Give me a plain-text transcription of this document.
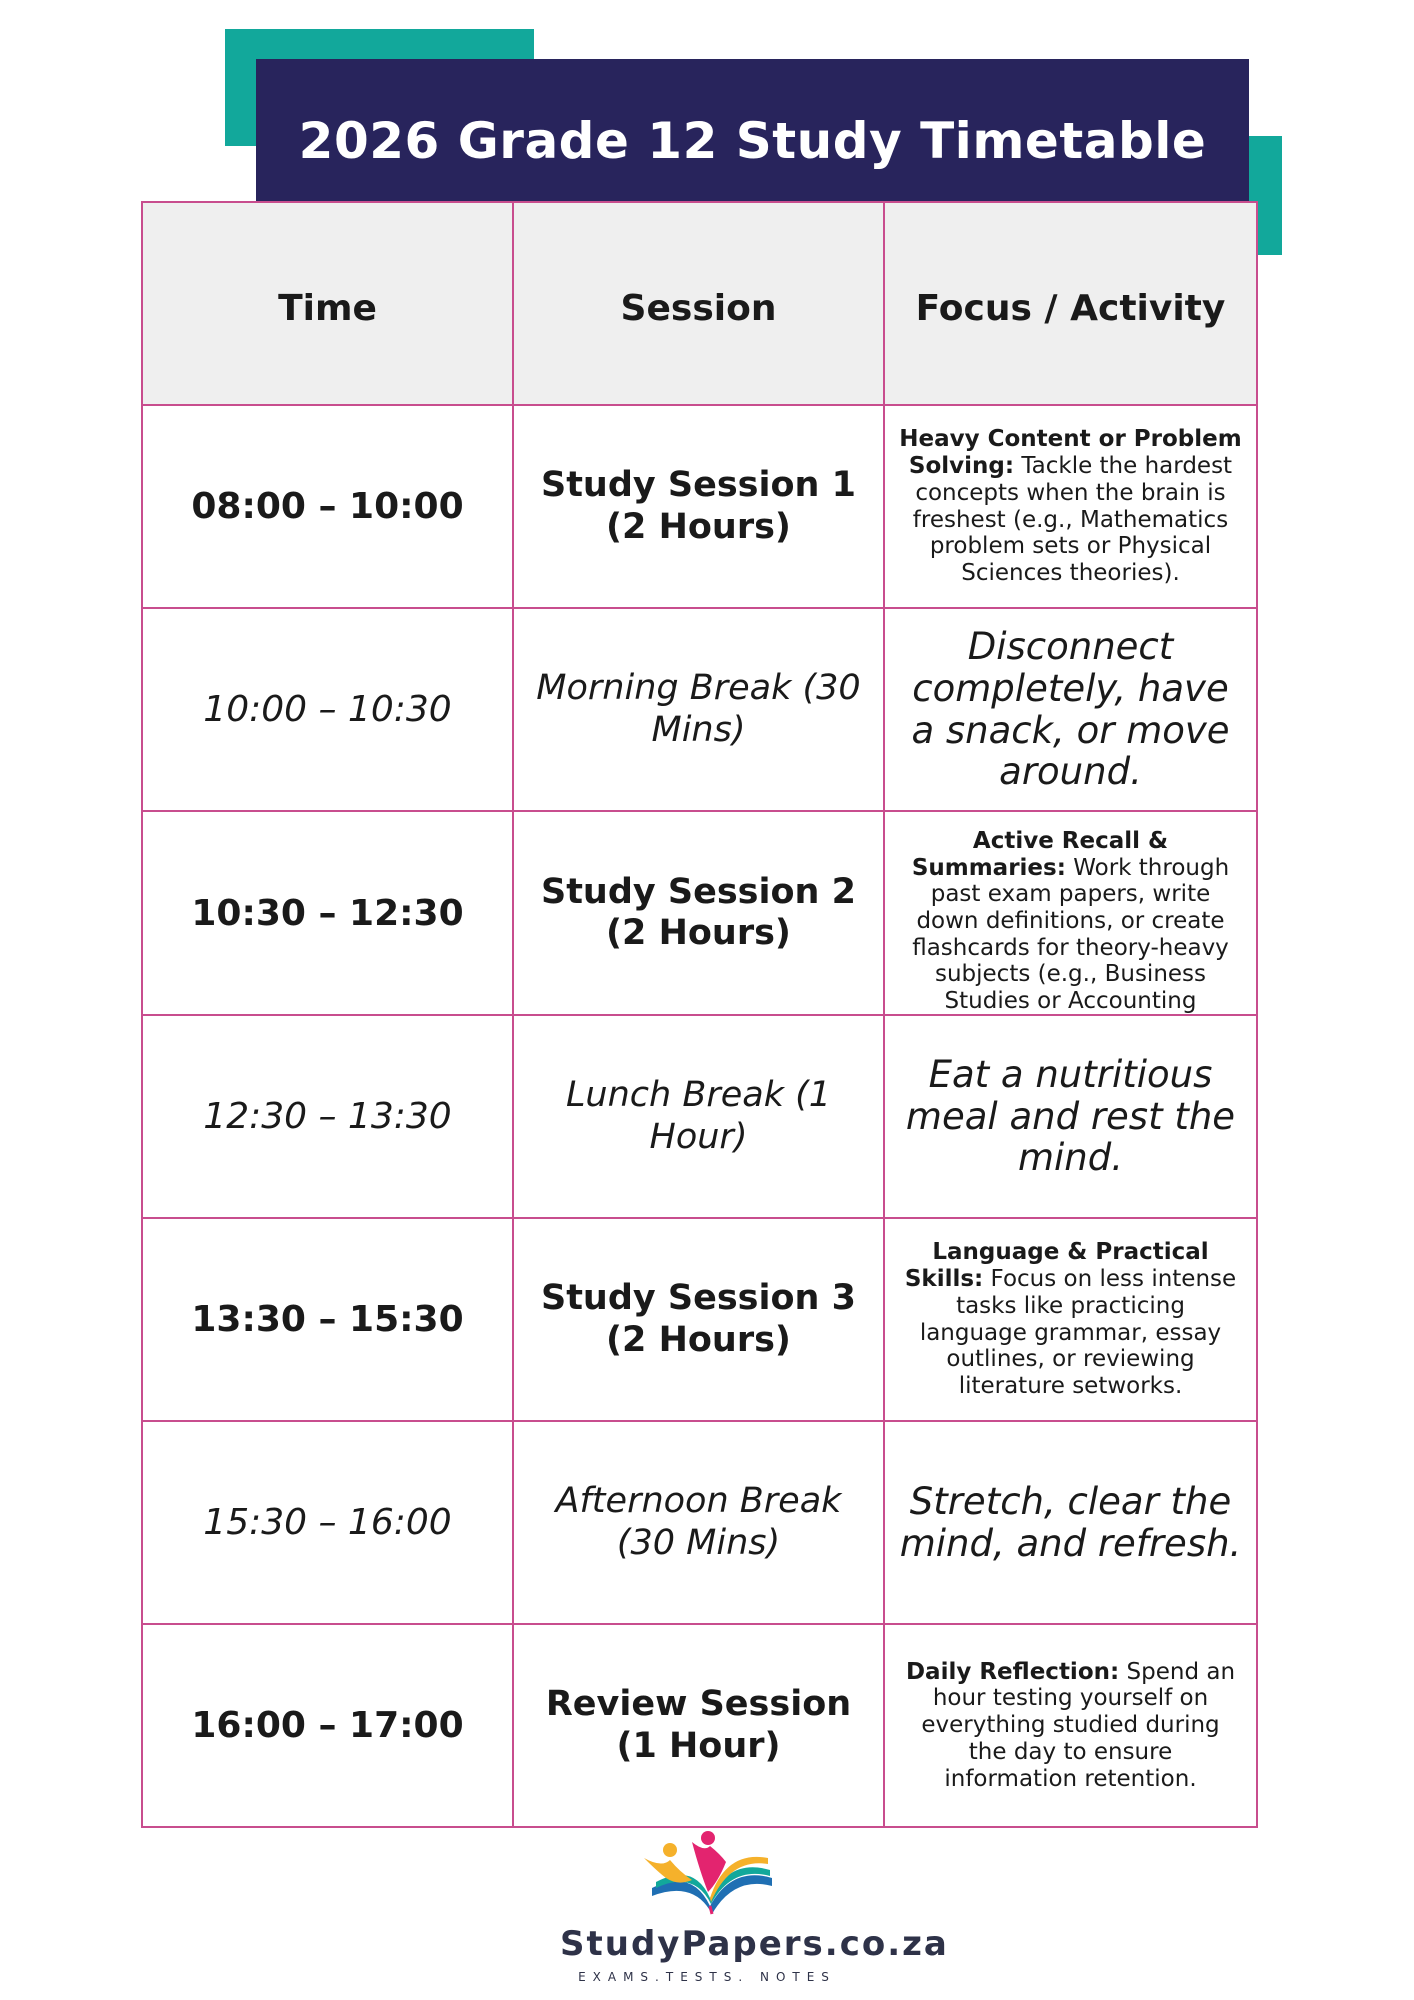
2026 Grade 12 Study Timetable
Time	Session	Focus / Activity
08:00 – 10:00	Study Session 1 (2 Hours)	Heavy Content or Problem Solving: Tackle the hardest concepts when the brain is freshest (e.g., Mathematics problem sets or Physical Sciences theories).

10:00 – 10:30	Morning Break (30 Mins)	Disconnect completely, have a snack, or move around.
10:30 – 12:30	Study Session 2 (2 Hours)	Active Recall & Summaries: Work through past exam papers, write down definitions, or create flashcards for theory-heavy subjects (e.g., Business Studies or Accounting

12:30 – 13:30	Lunch Break (1 Hour)	Eat a nutritious meal and rest the mind.
13:30 – 15:30	Study Session 3 (2 Hours)	Language & Practical Skills: Focus on less intense tasks like practicing language grammar, essay outlines, or reviewing literature setworks.

15:30 – 16:00	Afternoon Break (30 Mins)	Stretch, clear the mind, and refresh.
16:00 – 17:00	Review Session (1 Hour)	Daily Reflection: Spend an hour testing yourself on everything studied during the day to ensure information retention.
StudyPapers.co.za
EXAMS.TESTS. NOTES
